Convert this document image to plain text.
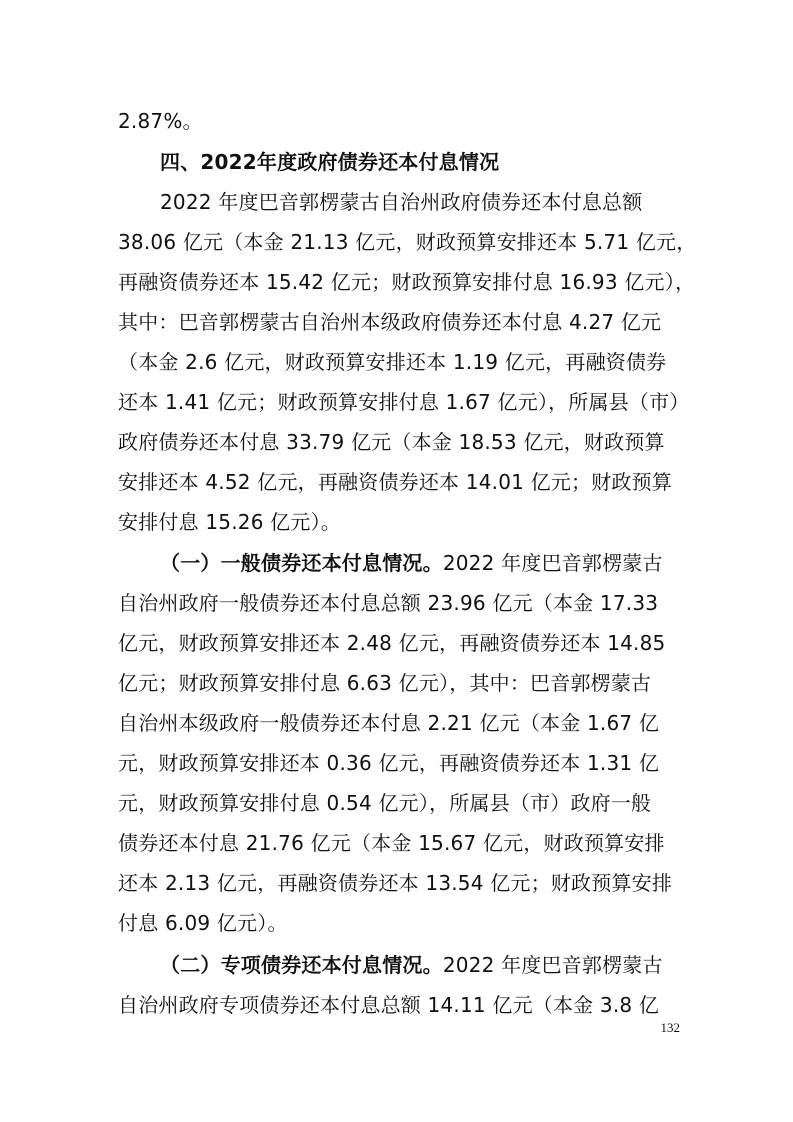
2.87%。
四、2022年度政府债券还本付息情况
2022 年度巴音郭楞蒙古自治州政府债券还本付息总额
38.06 亿元（本金 21.13 亿元，财政预算安排还本 5.71 亿元，
再融资债券还本 15.42 亿元；财政预算安排付息 16.93 亿元），
其中：巴音郭楞蒙古自治州本级政府债券还本付息 4.27 亿元
（本金 2.6 亿元，财政预算安排还本 1.19 亿元，再融资债券
还本 1.41 亿元；财政预算安排付息 1.67 亿元），所属县（市）
政府债券还本付息 33.79 亿元（本金 18.53 亿元，财政预算
安排还本 4.52 亿元，再融资债券还本 14.01 亿元；财政预算
安排付息 15.26 亿元）。
（一）一般债券还本付息情况。2022 年度巴音郭楞蒙古
自治州政府一般债券还本付息总额 23.96 亿元（本金 17.33
亿元，财政预算安排还本 2.48 亿元，再融资债券还本 14.85
亿元；财政预算安排付息 6.63 亿元），其中：巴音郭楞蒙古
自治州本级政府一般债券还本付息 2.21 亿元（本金 1.67 亿
元，财政预算安排还本 0.36 亿元，再融资债券还本 1.31 亿
元，财政预算安排付息 0.54 亿元），所属县（市）政府一般
债券还本付息 21.76 亿元（本金 15.67 亿元，财政预算安排
还本 2.13 亿元，再融资债券还本 13.54 亿元；财政预算安排
付息 6.09 亿元）。
（二）专项债券还本付息情况。2022 年度巴音郭楞蒙古
自治州政府专项债券还本付息总额 14.11 亿元（本金 3.8 亿
132
